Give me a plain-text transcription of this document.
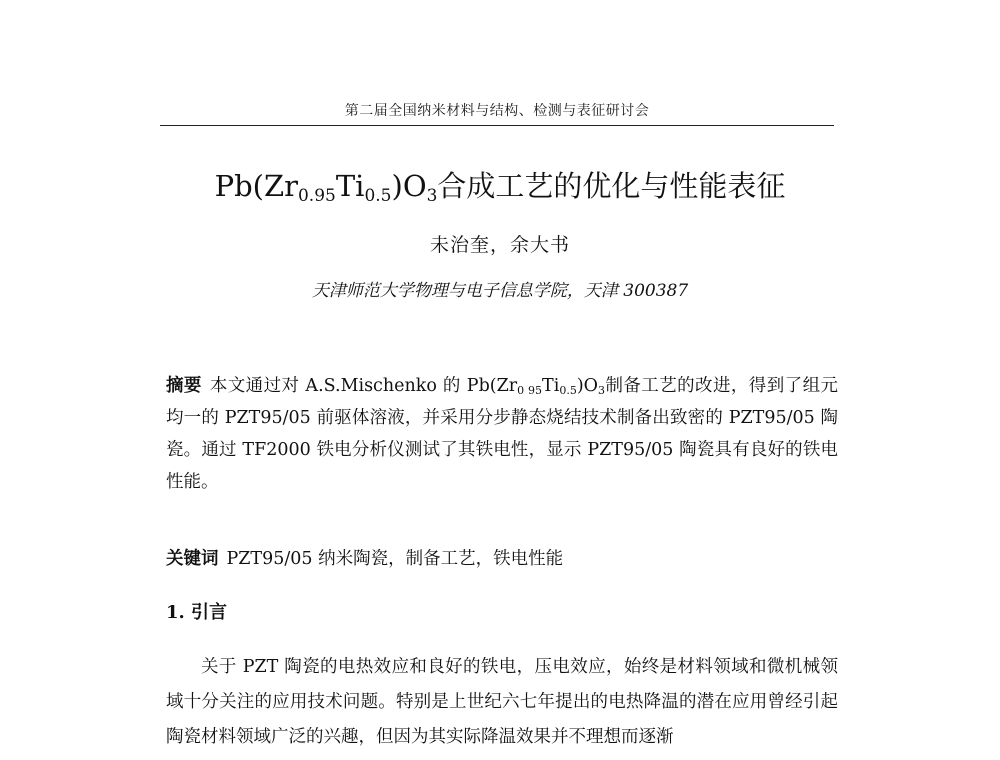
第二届全国纳米材料与结构、检测与表征研讨会
$Pb(Zr_{0.95}Ti_{0.5})O_3$合成工艺的优化与性能表征
未治奎，余大书
天津师范大学物理与电子信息学院，天津 300387
摘要 本文通过对 A.S.Mischenko 的 $Pb(Zr_{0 95}Ti_{0.5})O_3$制备工艺的改进，得到了组元均一的 PZT95/05 前驱体溶液，并采用分步静态烧结技术制备出致密的 PZT95/05 陶瓷。通过 TF2000 铁电分析仪测试了其铁电性，显示 PZT95/05 陶瓷具有良好的铁电性能。
关键词 PZT95/05 纳米陶瓷，制备工艺，铁电性能
1. 引言
关于 PZT 陶瓷的电热效应和良好的铁电，压电效应，始终是材料领域和微机械领域十分关注的应用技术问题。特别是上世纪六七年提出的电热降温的潜在应用曾经引起陶瓷材料领域广泛的兴趣，但因为其实际降温效果并不理想而逐渐
